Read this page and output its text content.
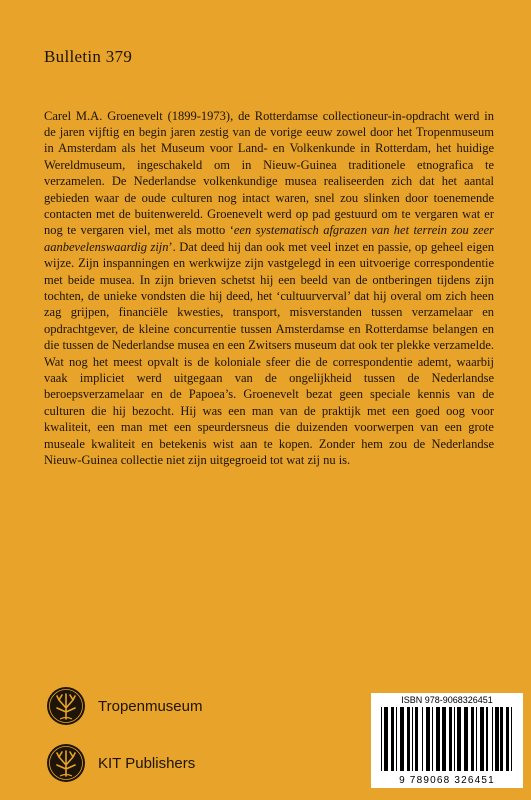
Bulletin 379

Carel M.A. Groenevelt (1899-1973), de Rotterdamse collectioneur-in-opdracht werd in de jaren vijftig en begin jaren zestig van de vorige eeuw zowel door het Tropenmuseum in Amsterdam als het Museum voor Land- en Volkenkunde in Rotterdam, het huidige Wereldmuseum, ingeschakeld om in Nieuw-Guinea traditionele etnografica te verzamelen. De Nederlandse volkenkundige musea realiseerden zich dat het aantal gebieden waar de oude culturen nog intact waren, snel zou slinken door toenemende contacten met de buitenwereld. Groenevelt werd op pad gestuurd om te vergaren wat er nog te vergaren viel, met als motto ‘een systematisch afgrazen van het terrein zou zeer aanbevelenswaardig zijn’. Dat deed hij dan ook met veel inzet en passie, op geheel eigen wijze. Zijn inspanningen en werkwijze zijn vastgelegd in een uitvoerige correspondentie met beide musea. In zijn brieven schetst hij een beeld van de ontberingen tijdens zijn tochten, de unieke vondsten die hij deed, het ‘cultuurverval’ dat hij overal om zich heen zag grijpen, financiële kwesties, transport, misverstanden tussen verzamelaar en opdrachtgever, de kleine concurrentie tussen Amsterdamse en Rotterdamse belangen en die tussen de Nederlandse musea en een Zwitsers museum dat ook ter plekke verzamelde. Wat nog het meest opvalt is de koloniale sfeer die de correspondentie ademt, waarbij vaak impliciet werd uitgegaan van de ongelijkheid tussen de Nederlandse beroepsverzamelaar en de Papoea’s. Groenevelt bezat geen speciale kennis van de culturen die hij bezocht. Hij was een man van de praktijk met een goed oog voor kwaliteit, een man met een speurdersneus die duizenden voorwerpen van een grote museale kwaliteit en betekenis wist aan te kopen. Zonder hem zou de Nederlandse Nieuw-Guinea collectie niet zijn uitgegroeid tot wat zij nu is.

Tropenmuseum
KIT Publishers
ISBN 978-9068326451
9 789068 326451
